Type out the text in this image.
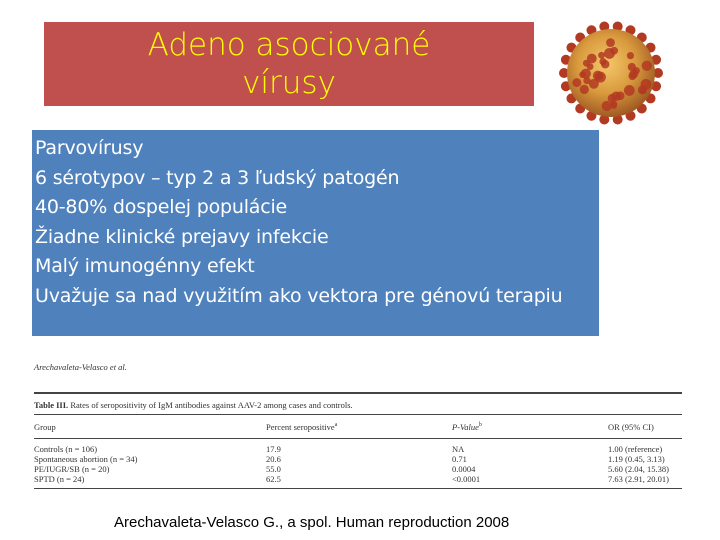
Adeno asociované
vírusy
Parvovírusy
6 sérotypov – typ 2 a 3 ľudský patogén
40-80% dospelej populácie
Žiadne klinické prejavy infekcie
Malý imunogénny efekt
Uvažuje sa nad využitím ako vektora pre génovú terapiu
Arechavaleta-Velasco et al.
Table III. Rates of seropositivity of IgM antibodies against AAV-2 among cases and controls.
Group	Percent seropositive$^a$	P-Value$^b$	OR (95% CI)
Controls (n = 106)	17.9	NA	1.00 (reference)
Spontaneous abortion (n = 34)	20.6	0.71	1.19 (0.45, 3.13)
PE/IUGR/SB (n = 20)	55.0	0.0004	5.60 (2.04, 15.38)
SPTD (n = 24)	62.5	<0.0001	7.63 (2.91, 20.01)
Arechavaleta-Velasco G., a spol. Human reproduction 2008
